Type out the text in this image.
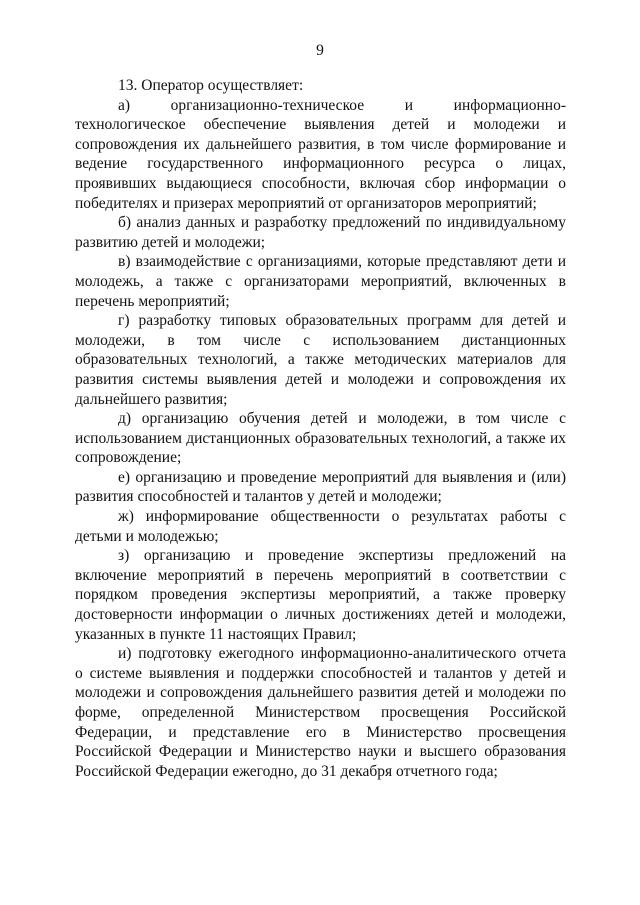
9

13. Оператор осуществляет:

а) организационно-техническое и информационно-технологическое обеспечение выявления детей и молодежи и сопровождения их дальнейшего развития, в том числе формирование и ведение государственного информационного ресурса о лицах, проявивших выдающиеся способности, включая сбор информации о победителях и призерах мероприятий от организаторов мероприятий;

б) анализ данных и разработку предложений по индивидуальному развитию детей и молодежи;

в) взаимодействие с организациями, которые представляют дети и молодежь, а также с организаторами мероприятий, включенных в перечень мероприятий;

г) разработку типовых образовательных программ для детей и молодежи, в том числе с использованием дистанционных образовательных технологий, а также методических материалов для развития системы выявления детей и молодежи и сопровождения их дальнейшего развития;

д) организацию обучения детей и молодежи, в том числе с использованием дистанционных образовательных технологий, а также их сопровождение;

е) организацию и проведение мероприятий для выявления и (или) развития способностей и талантов у детей и молодежи;

ж) информирование общественности о результатах работы с детьми и молодежью;

з) организацию и проведение экспертизы предложений на включение мероприятий в перечень мероприятий в соответствии с порядком проведения экспертизы мероприятий, а также проверку достоверности информации о личных достижениях детей и молодежи, указанных в пункте 11 настоящих Правил;

и) подготовку ежегодного информационно-аналитического отчета о системе выявления и поддержки способностей и талантов у детей и молодежи и сопровождения дальнейшего развития детей и молодежи по форме, определенной Министерством просвещения Российской Федерации, и представление его в Министерство просвещения Российской Федерации и Министерство науки и высшего образования Российской Федерации ежегодно, до 31 декабря отчетного года;
